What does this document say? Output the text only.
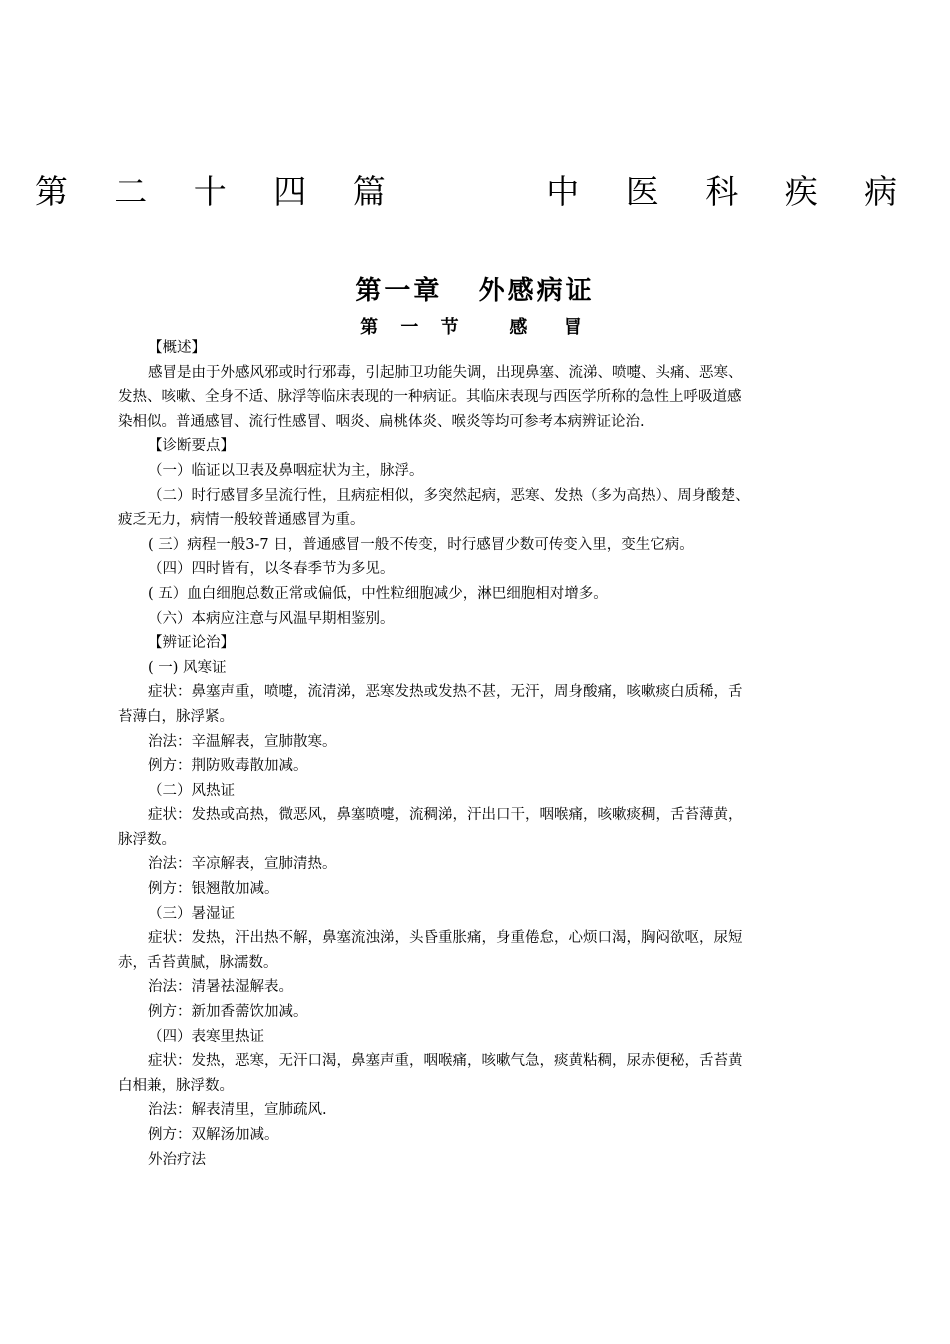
第 二 十 四 篇     中 医 科 疾 病
第一章   外感病证
第 一 节   感  冒
【概述】
感冒是由于外感风邪或时行邪毒，引起肺卫功能失调，出现鼻塞、流涕、喷嚏、头痛、恶寒、
发热、咳嗽、全身不适、脉浮等临床表现的一种病证。其临床表现与西医学所称的急性上呼吸道感
染相似。普通感冒、流行性感冒、咽炎、扁桃体炎、喉炎等均可参考本病辨证论治.
【诊断要点】
（一）临证以卫表及鼻咽症状为主，脉浮。
（二）时行感冒多呈流行性，且病症相似，多突然起病，恶寒、发热（多为高热）、周身酸楚、
疲乏无力，病情一般较普通感冒为重。
( 三）病程一般3-7 日，普通感冒一般不传变，时行感冒少数可传变入里，变生它病。
（四）四时皆有，以冬春季节为多见。
( 五）血白细胞总数正常或偏低，中性粒细胞减少，淋巴细胞相对增多。
（六）本病应注意与风温早期相鉴别。
【辨证论治】
( 一) 风寒证
症状：鼻塞声重，喷嚏，流清涕，恶寒发热或发热不甚，无汗，周身酸痛，咳嗽痰白质稀，舌
苔薄白，脉浮紧。
治法：辛温解表，宣肺散寒。
例方：荆防败毒散加减。
（二）风热证
症状：发热或高热，微恶风，鼻塞喷嚏，流稠涕，汗出口干，咽喉痛，咳嗽痰稠，舌苔薄黄，
脉浮数。
治法：辛凉解表，宣肺清热。
例方：银翘散加减。
（三）暑湿证
症状：发热，汗出热不解，鼻塞流浊涕，头昏重胀痛，身重倦怠，心烦口渴，胸闷欲呕，尿短
赤，舌苔黄腻，脉濡数。
治法：清暑祛湿解表。
例方：新加香薷饮加减。
（四）表寒里热证
症状：发热，恶寒，无汗口渴，鼻塞声重，咽喉痛，咳嗽气急，痰黄粘稠，尿赤便秘，舌苔黄
白相兼，脉浮数。
治法：解表清里，宣肺疏风.
例方：双解汤加减。
外治疗法
